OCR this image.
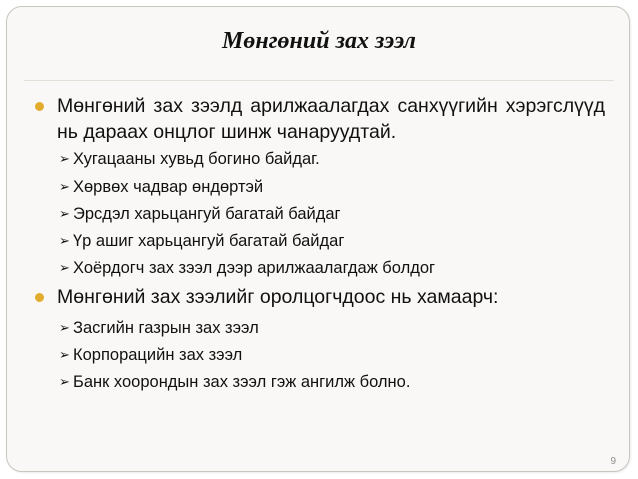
Мөнгөний зах зээл
Мөнгөний зах зээлд арилжаалагдах санхүүгийн хэрэгслүүд нь дараах онцлог шинж чанаруудтай.
➢ Хугацааны хувьд богино байдаг.
➢ Хөрвөх чадвар өндөртэй
➢ Эрсдэл харьцангуй багатай байдаг
➢ Үр ашиг харьцангуй багатай байдаг
➢ Хоёрдогч зах зээл дээр арилжаалагдаж болдог
Мөнгөний зах зээлийг оролцогчдоос нь хамаарч:
➢ Засгийн газрын зах зээл
➢ Корпорацийн зах зээл
➢ Банк хоорондын зах зээл гэж ангилж болно.
9
